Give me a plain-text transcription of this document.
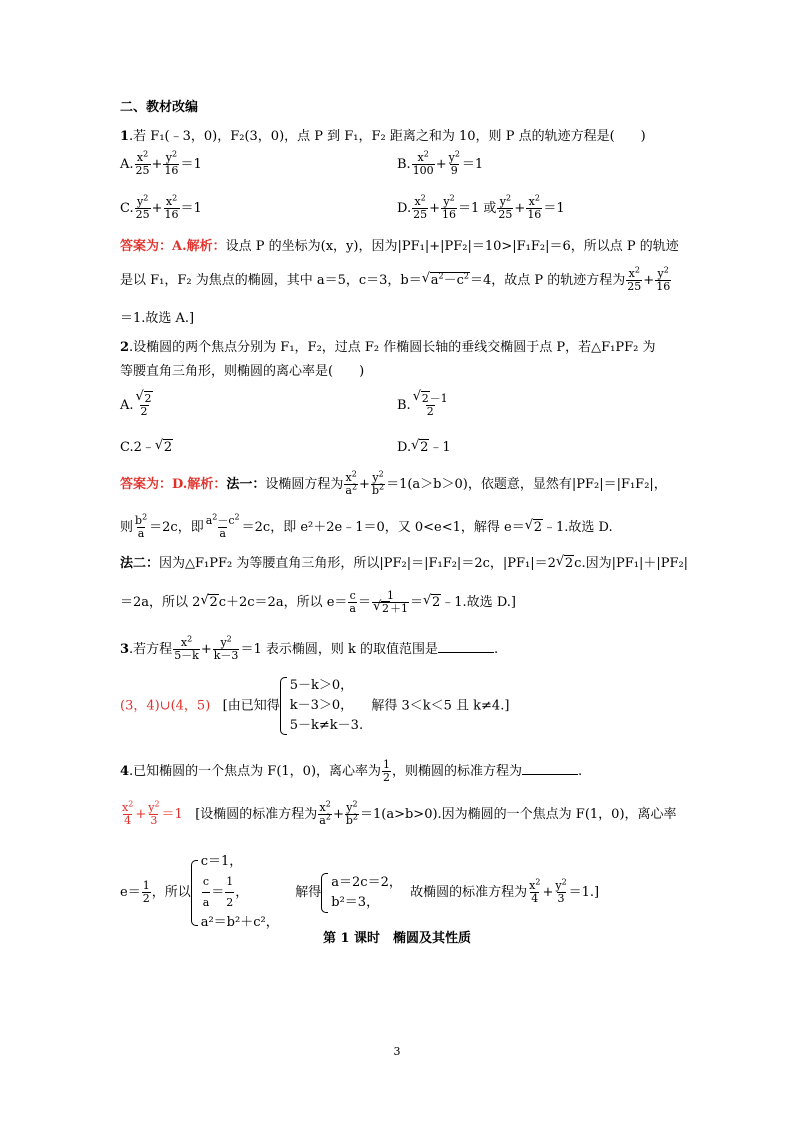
二、教材改编
1.若 F₁(﹣3，0)，F₂(3，0)，点 P 到 F₁，F₂ 距离之和为 10，则 P 点的轨迹方程是(　　)
A. $\frac{x^2}{25} + \frac{y^2}{16} =1$	B. $\frac{x^2}{100} + \frac{y^2}{9} =1$
C. $\frac{y^2}{25} + \frac{x^2}{16} =1$	D. $\frac{x^2}{25} + \frac{y^2}{16} =1$ 或 $\frac{y^2}{25} + \frac{x^2}{16} =1$
答案为：A.解析：设点 P 的坐标为(x，y)，因为|PF₁|+|PF₂|＝10>|F₁F₂|＝6，所以点 P 的轨迹
是以 F₁，F₂ 为焦点的椭圆，其中 a＝5，c＝3，b＝ √ $a^2-c^2=4$，故点 P 的轨迹方程为 $\frac{x^2}{25} + \frac{y^2}{16}$
＝1.故选 A.]
2.设椭圆的两个焦点分别为 F₁，F₂，过点 F₂ 作椭圆长轴的垂线交椭圆于点 P，若△F₁PF₂ 为
等腰直角三角形，则椭圆的离心率是(　　)
A. $\frac{√ 2}{2}$	B. $\frac{√ 2-1}{2}$
C.2﹣ √ 2	D. √ 2﹣1
答案为：D.解析：法一：设椭圆方程为 $\frac{x^2}{a^2} + \frac{y^2}{b^2} =1(a>b>0)$，依题意，显然有|PF₂|＝|F₁F₂|，
则 $\frac{b^2}{a} =2c$，即 $\frac{a^2-c^2}{a} =2c$，即 e²＋2e﹣1＝0，又 0<e<1，解得 e＝ √ 2﹣1.故选 D.
法二：因为△F₁PF₂ 为等腰直角三角形，所以|PF₂|＝|F₁F₂|＝2c，|PF₁|＝2 √ 2c.因为|PF₁|＋|PF₂|
＝2a，所以 2 √ 2c＋2c＝2a，所以 $e= \frac{c}{a} = \frac{1}{√ 2+1}$ ＝ √ 2﹣1.故选 D.]
3.若方程 $\frac{x^2}{5-k} + \frac{y^2}{k-3} =1$ 表示椭圆，则 k 的取值范围是	.
(3，4)∪(4，5) [由已知得
5－k＞0，
k－3＞0，
5－k≠k－3.
解得 3＜k＜5 且 k≠4.]
4.已知椭圆的一个焦点为 F(1，0)，离心率为 $\frac{1}{2}$ ，则椭圆的标准方程为	.
$\frac{x^2}{4} + \frac{y^2}{3} =1$ [设椭圆的标准方程为 $\frac{x^2}{a^2} + \frac{y^2}{b^2} =1(a>b>0)$.因为椭圆的一个焦点为 F(1，0)，离心率
$e= \frac{1}{2}$ ，所以
c＝1，
$\frac{c}{a} = \frac{1}{2}$ ，
a²＝b²＋c²，
解得
a＝2c＝2，
b²＝3，
故椭圆的标准方程为 $\frac{x^2}{4} + \frac{y^2}{3} =1$.]
第 1 课时　椭圆及其性质
3
